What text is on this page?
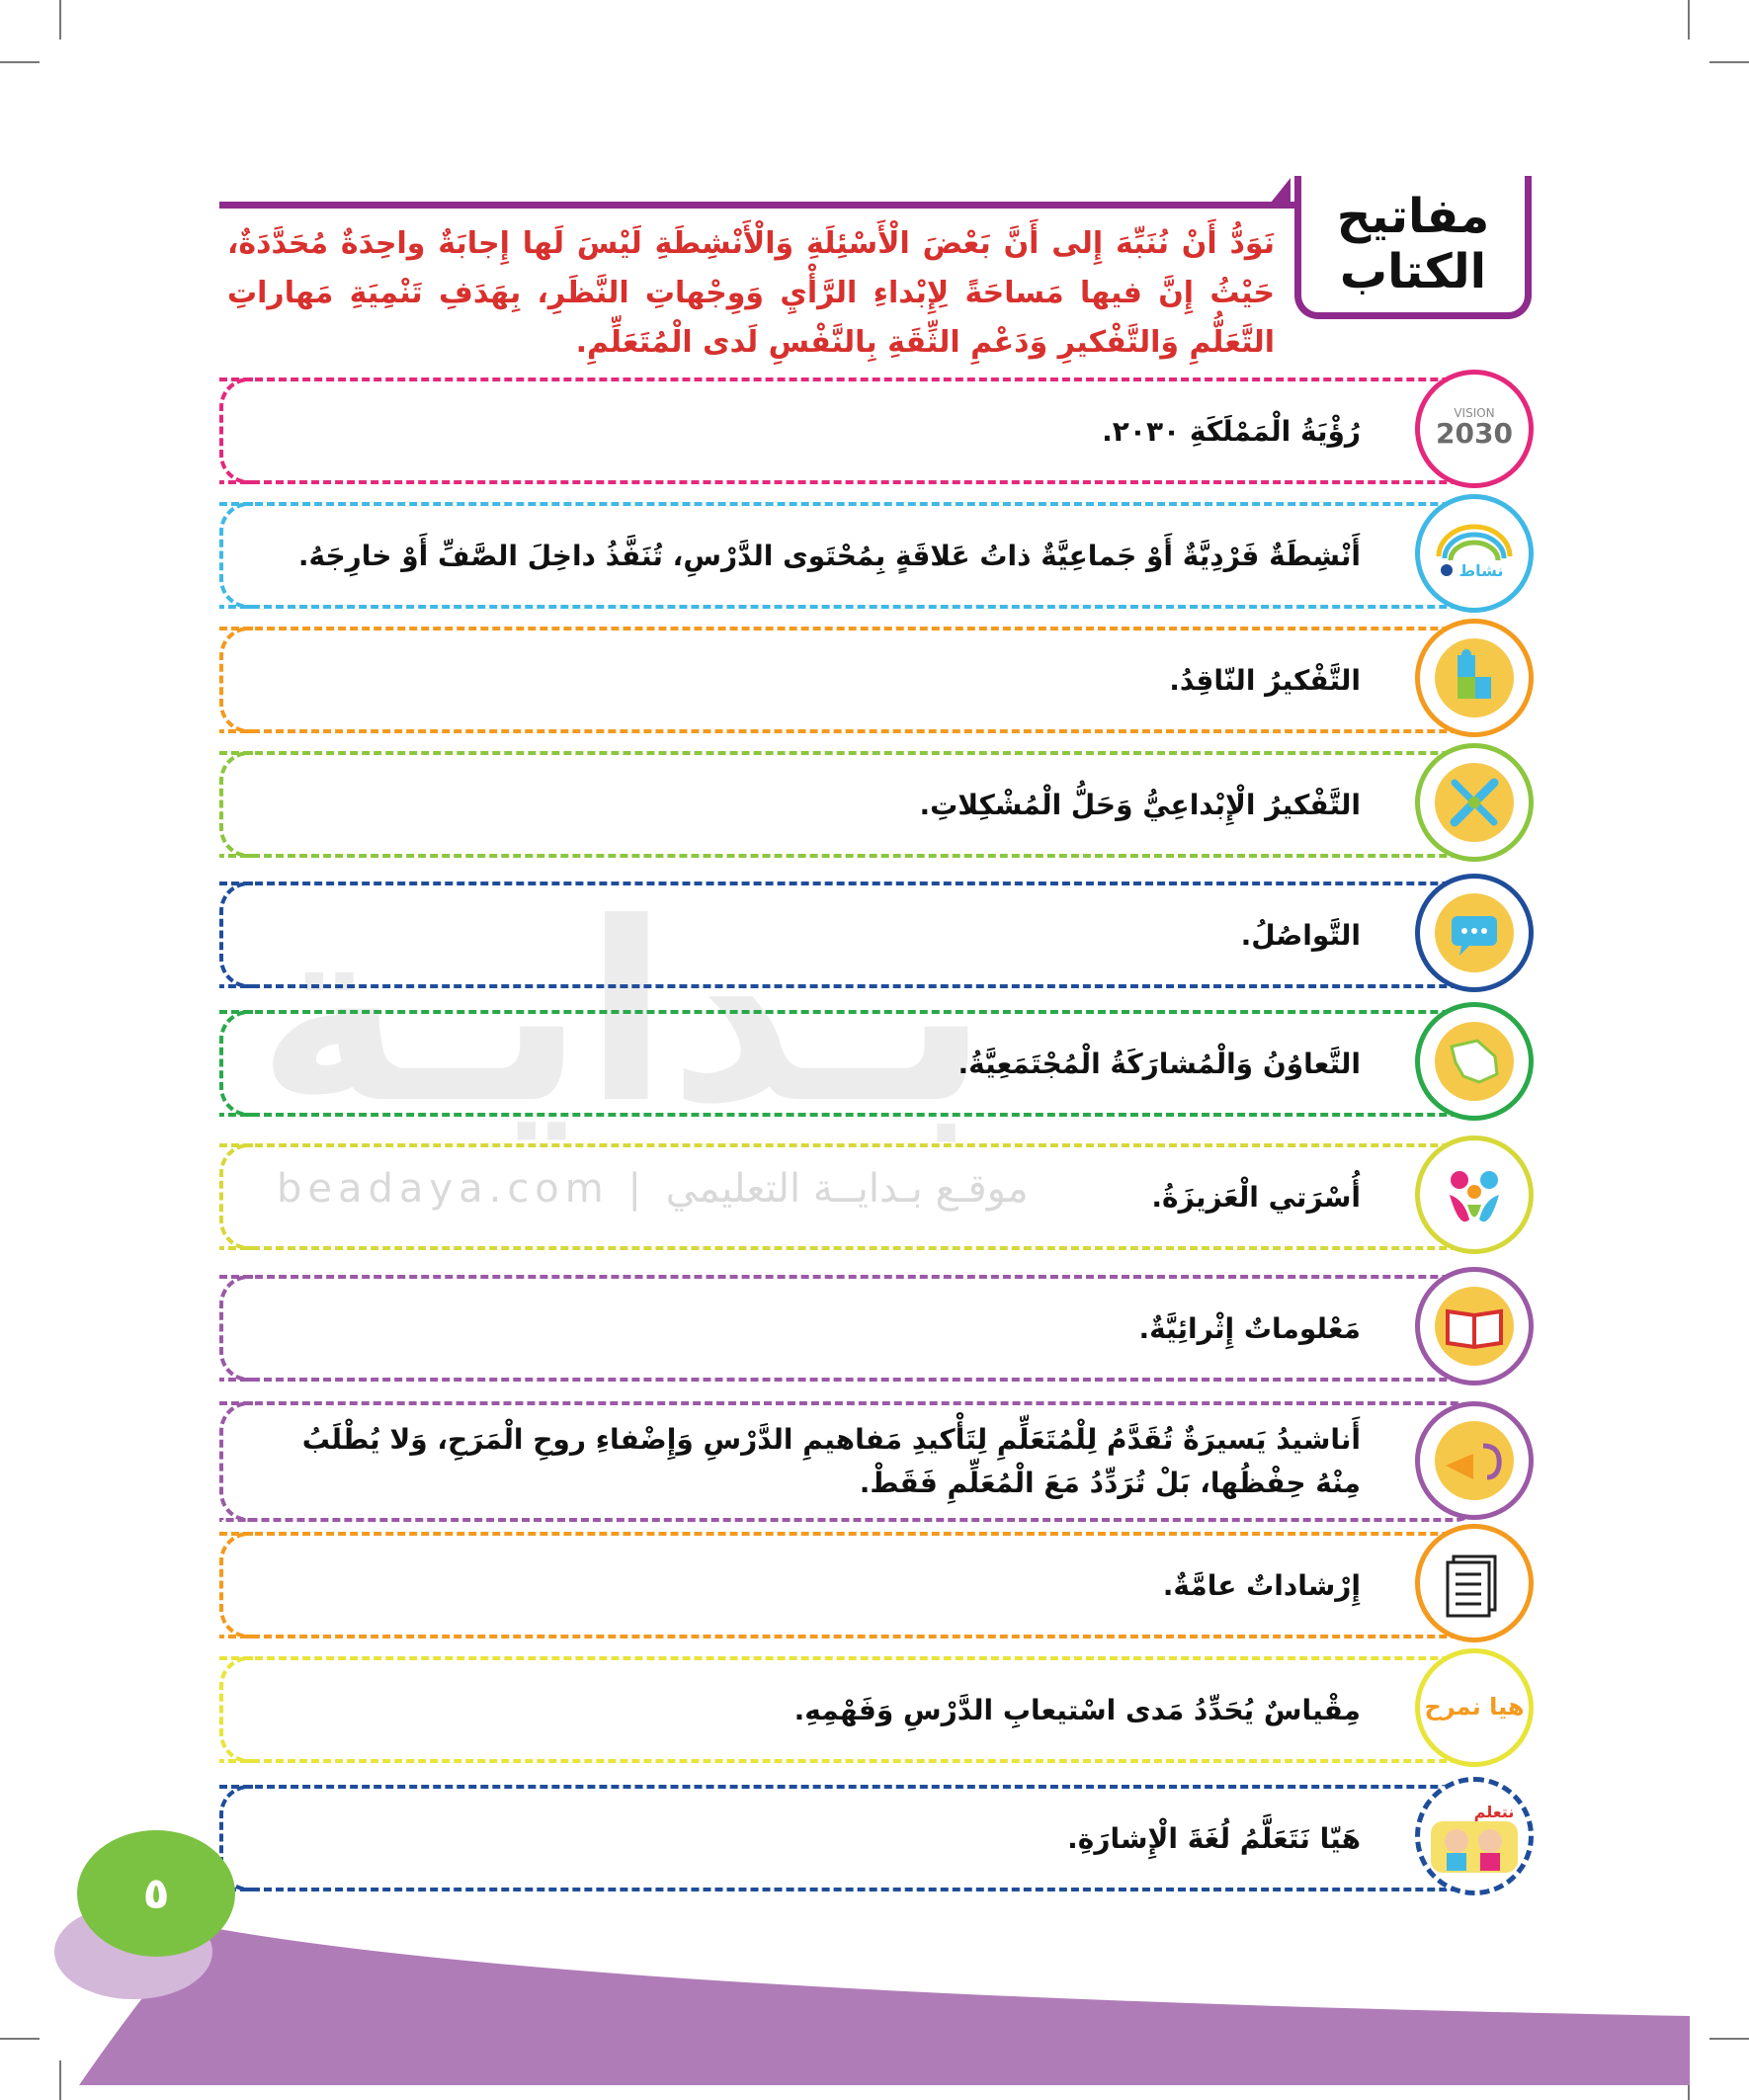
بـدايـة
beadaya.com | موقـع بـدايــة التعليمي
مفاتيح
الكتاب
نَوَدُّ أَنْ نُنَبِّهَ إِلى أَنَّ بَعْضَ الْأَسْئِلَةِ وَالْأَنْشِطَةِ لَيْسَ لَها إِجابَةٌ واحِدَةٌ مُحَدَّدَةٌ، حَيْثُ إِنَّ فيها مَساحَةً لِإِبْداءِ الرَّأْيِ وَوِجْهاتِ النَّظَرِ، بِهَدَفِ تَنْمِيَةِ مَهاراتِ التَّعَلُّمِ وَالتَّفْكيرِ وَدَعْمِ الثِّقَةِ بِالنَّفْسِ لَدى الْمُتَعَلِّمِ.
VISION
2030
رُؤْيَةُ الْمَمْلَكَةِ ٢٠٣٠.
نشاط
أَنْشِطَةٌ فَرْدِيَّةٌ أَوْ جَماعِيَّةٌ ذاتُ عَلاقَةٍ بِمُحْتَوى الدَّرْسِ، تُنَفَّذُ داخِلَ الصَّفِّ أَوْ خارِجَهُ.
التَّفْكيرُ النّاقِدُ.
التَّفْكيرُ الْإِبْداعِيُّ وَحَلُّ الْمُشْكِلاتِ.
التَّواصُلُ.
التَّعاوُنُ وَالْمُشارَكَةُ الْمُجْتَمَعِيَّةُ.
أُسْرَتي الْعَزيزَةُ.
مَعْلوماتٌ إِثْرائِيَّةٌ.
أَناشيدُ يَسيرَةٌ تُقَدَّمُ لِلْمُتَعَلِّمِ لِتَأْكيدِ مَفاهيمِ الدَّرْسِ وَإِضْفاءِ روحِ الْمَرَحِ، وَلا يُطْلَبُ مِنْهُ حِفْظُها، بَلْ تُرَدِّدُ مَعَ الْمُعَلِّمِ فَقَطْ.
إِرْشاداتٌ عامَّةٌ.
هيا نمرح
مِقْياسٌ يُحَدِّدُ مَدى اسْتيعابِ الدَّرْسِ وَفَهْمِهِ.
نتعلم
هَيّا نَتَعَلَّمُ لُغَةَ الْإِشارَةِ.
٥
